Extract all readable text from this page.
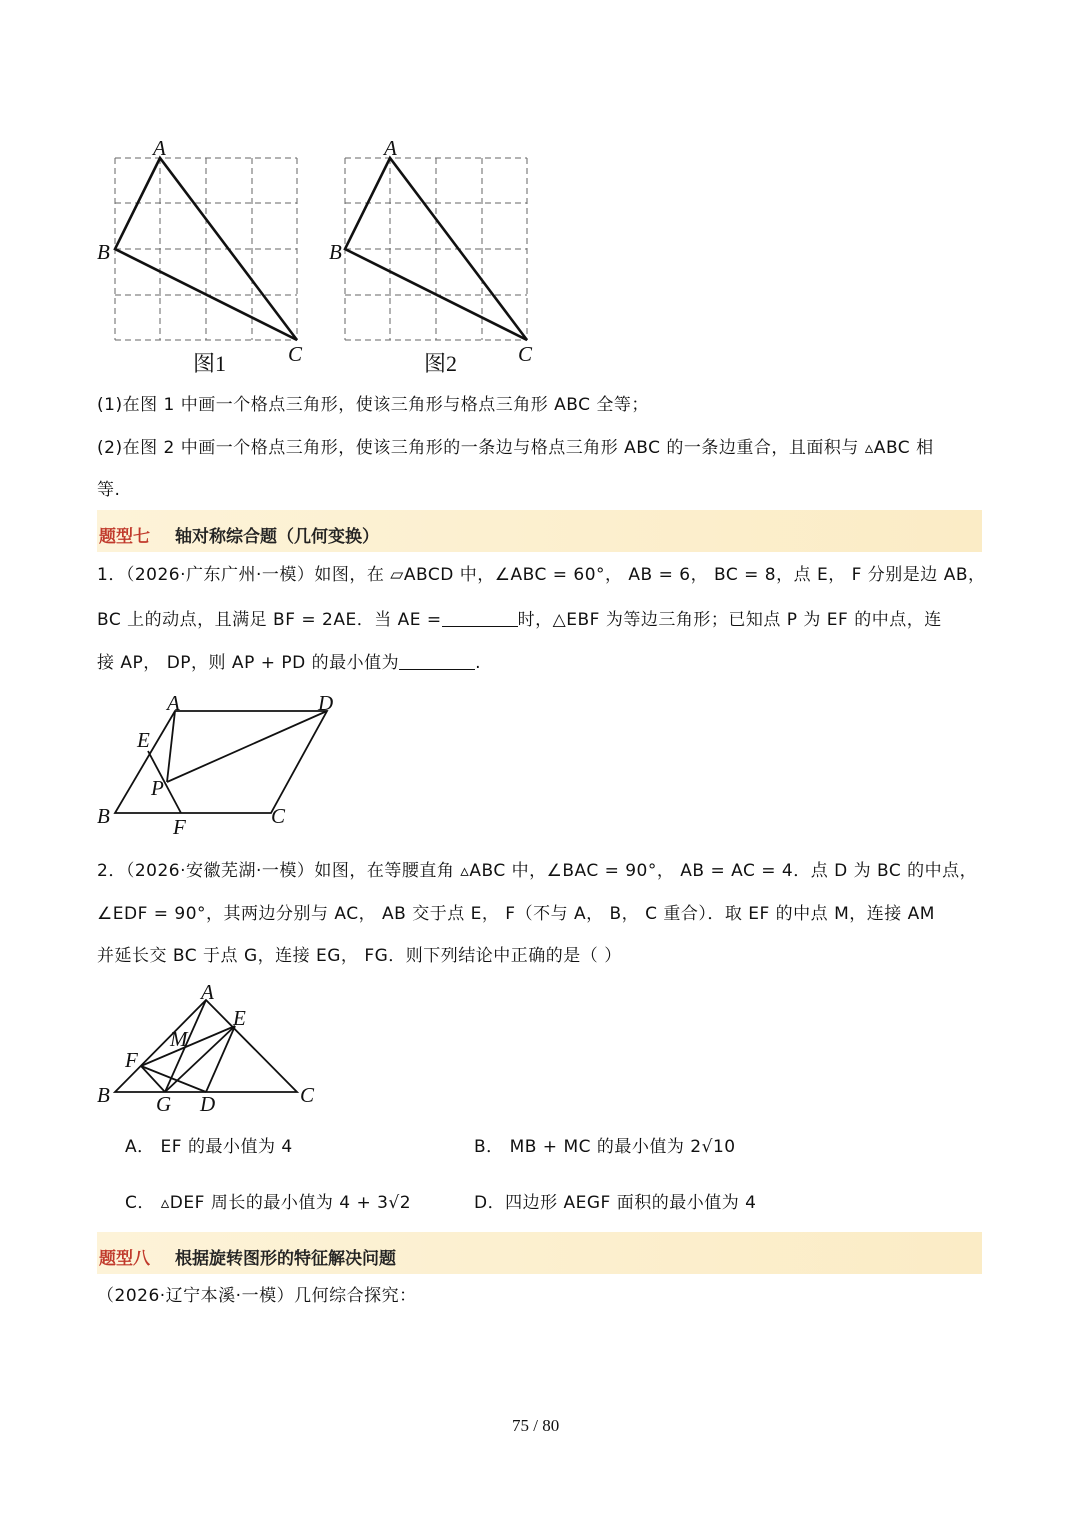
A
B
C
图1
A
B
C
图2
(1)在图 1 中画一个格点三角形，使该三角形与格点三角形 ABC 全等；
(2)在图 2 中画一个格点三角形，使该三角形的一条边与格点三角形 ABC 的一条边重合，且面积与 ▵ABC 相
等.
题型七 轴对称综合题（几何变换）
1．（2026·广东广州·一模）如图，在 ▱ABCD 中，∠ABC = 60°， AB = 6， BC = 8，点 E， F 分别是边 AB，
BC 上的动点，且满足 BF = 2AE．当 AE =	时，△EBF 为等边三角形；已知点 P 为 EF 的中点，连
接 AP， DP，则 AP + PD 的最小值为	.
A	D
E
P
B	F	C
2．（2026·安徽芜湖·一模）如图，在等腰直角 ▵ABC 中，∠BAC = 90°， AB = AC = 4．点 D 为 BC 的中点，
∠EDF = 90°，其两边分别与 AC， AB 交于点 E， F（不与 A， B， C 重合）．取 EF 的中点 M，连接 AM
并延长交 BC 于点 G，连接 EG， FG．则下列结论中正确的是（ ）
A
E
M
F
B G D	C
A． EF 的最小值为 4	B． MB + MC 的最小值为 2√10
C． ▵DEF 周长的最小值为 4 + 3√2	D．四边形 AEGF 面积的最小值为 4
题型八 根据旋转图形的特征解决问题
（2026·辽宁本溪·一模）几何综合探究：
75 / 80
